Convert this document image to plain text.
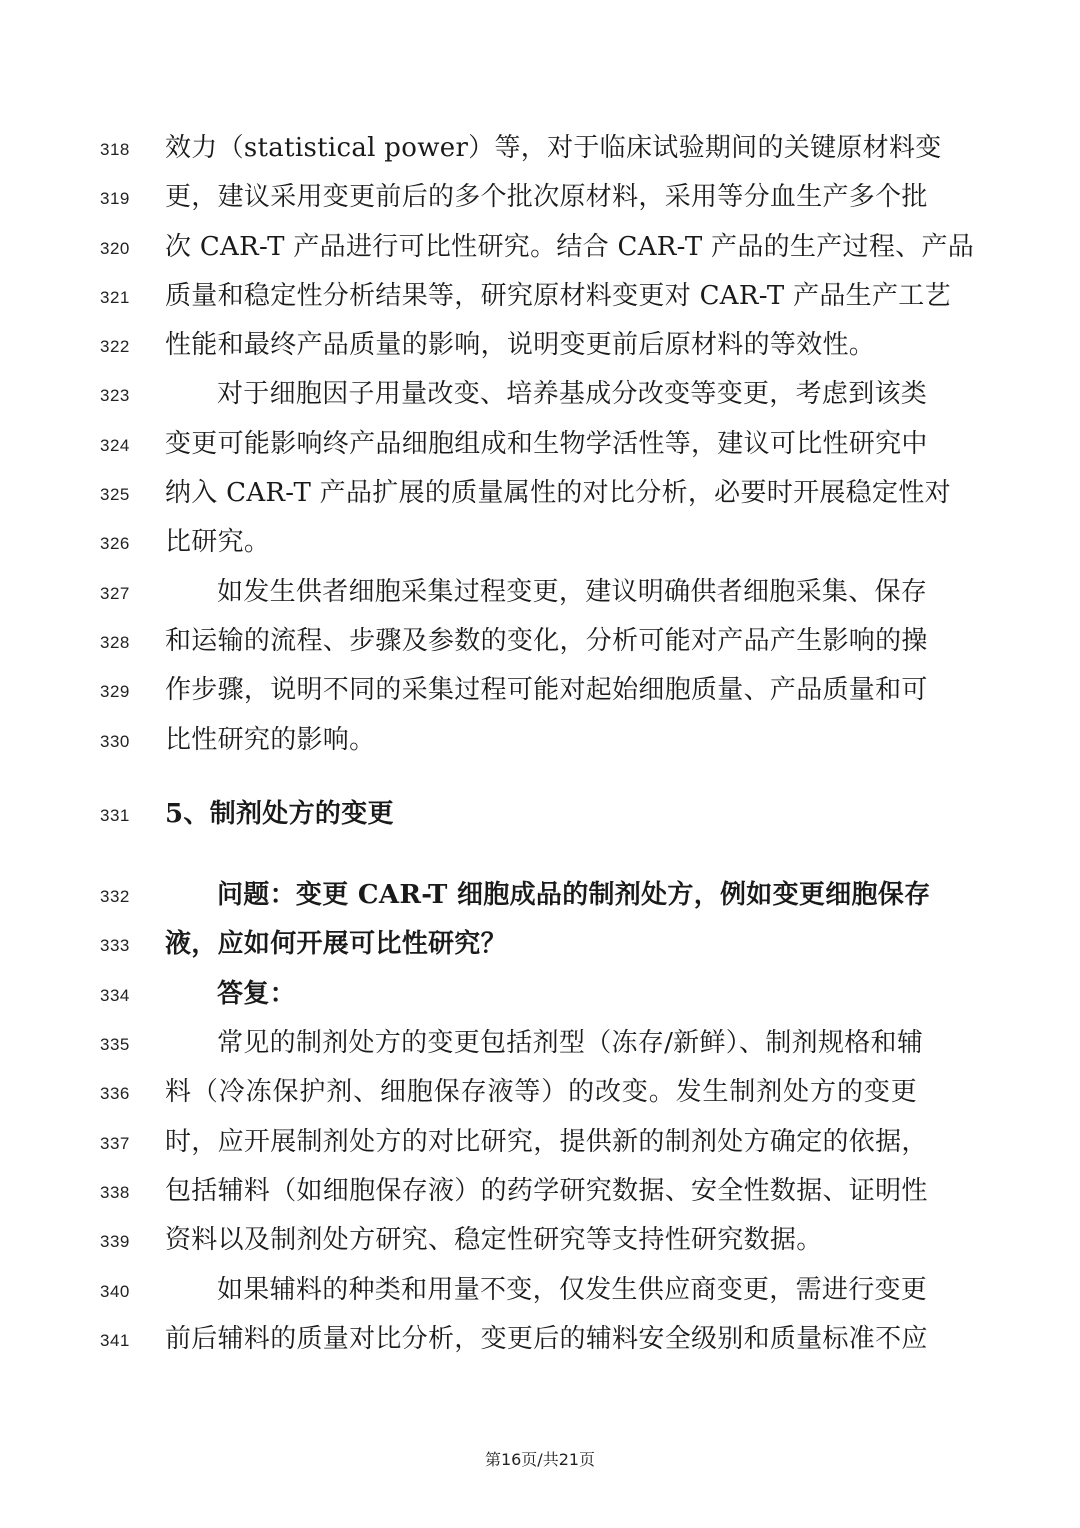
318	效力（statistical power）等，对于临床试验期间的关键原材料变
319	更，建议采用变更前后的多个批次原材料，采用等分血生产多个批
320	次 CAR-T 产品进行可比性研究。结合 CAR-T 产品的生产过程、产品
321	质量和稳定性分析结果等，研究原材料变更对 CAR-T 产品生产工艺
322	性能和最终产品质量的影响，说明变更前后原材料的等效性。
323	对于细胞因子用量改变、培养基成分改变等变更，考虑到该类
324	变更可能影响终产品细胞组成和生物学活性等，建议可比性研究中
325	纳入 CAR-T 产品扩展的质量属性的对比分析，必要时开展稳定性对
326	比研究。
327	如发生供者细胞采集过程变更，建议明确供者细胞采集、保存
328	和运输的流程、步骤及参数的变化，分析可能对产品产生影响的操
329	作步骤，说明不同的采集过程可能对起始细胞质量、产品质量和可
330	比性研究的影响。
331	5、制剂处方的变更
332	问题：变更 CAR-T 细胞成品的制剂处方，例如变更细胞保存
333	液，应如何开展可比性研究？
334	答复：
335	常见的制剂处方的变更包括剂型（冻存/新鲜）、制剂规格和辅
336	料（冷冻保护剂、细胞保存液等）的改变。发生制剂处方的变更
337	时，应开展制剂处方的对比研究，提供新的制剂处方确定的依据，
338	包括辅料（如细胞保存液）的药学研究数据、安全性数据、证明性
339	资料以及制剂处方研究、稳定性研究等支持性研究数据。
340	如果辅料的种类和用量不变，仅发生供应商变更，需进行变更
341	前后辅料的质量对比分析，变更后的辅料安全级别和质量标准不应
第16页/共21页
